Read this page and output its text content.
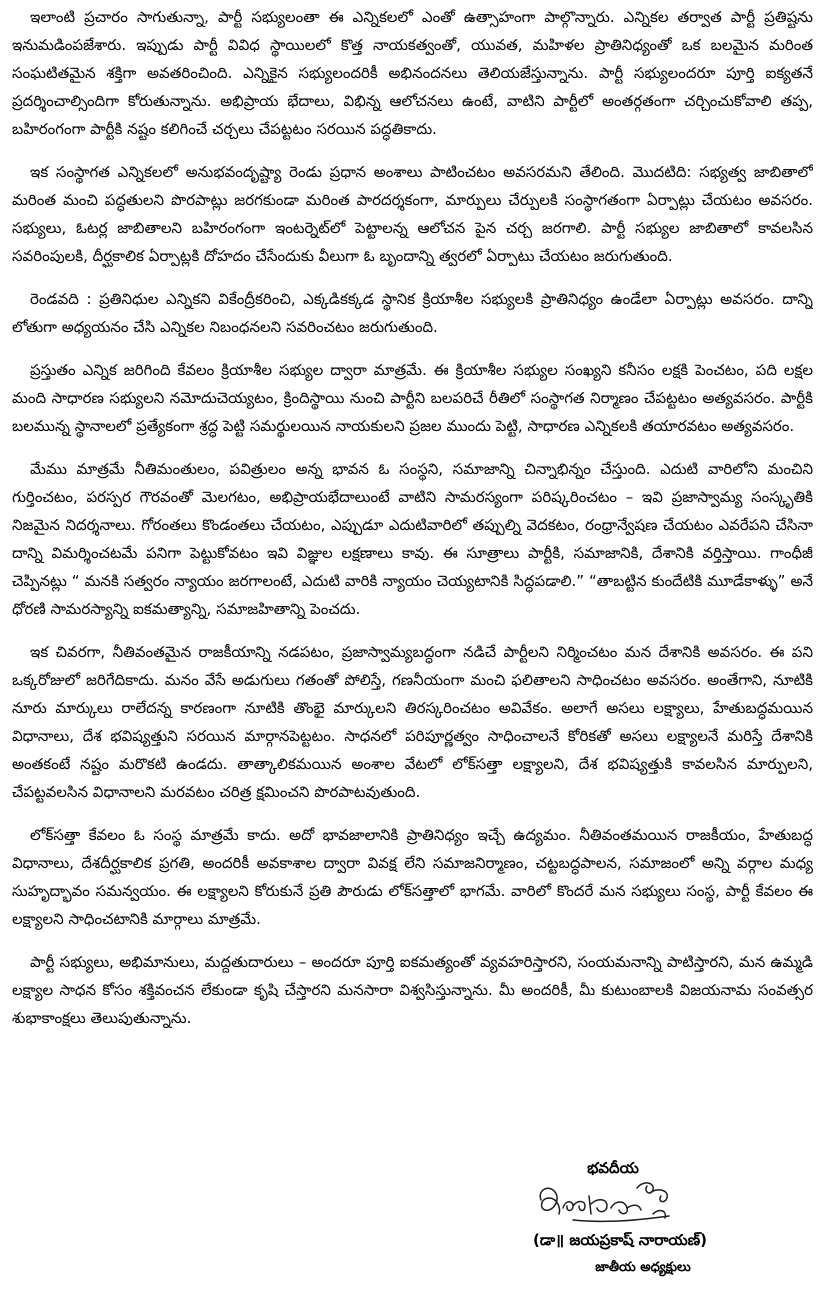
ఇలాంటి ప్రచారం సాగుతున్నా, పార్టీ సభ్యులంతా ఈ ఎన్నికలలో ఎంతో ఉత్సాహంగా పాల్గొన్నారు. ఎన్నికల తర్వాత పార్టీ ప్రతిష్టను ఇనుమడింపజేశారు. ఇప్పుడు పార్టీ వివిధ స్థాయిలలో కొత్త నాయకత్వంతో, యువత, మహిళల ప్రాతినిధ్యంతో ఒక బలమైన మరింత సంఘటితమైన శక్తిగా అవతరించింది. ఎన్నికైన సభ్యులందరికీ అభినందనలు తెలియజేస్తున్నాను. పార్టీ సభ్యులందరూ పూర్తి ఐక్యతనే ప్రదర్శించాల్సిందిగా కోరుతున్నాను. అభిప్రాయ భేదాలు, విభిన్న ఆలోచనలు ఉంటే, వాటిని పార్టీలో అంతర్గతంగా చర్చించుకోవాలి తప్ప, బహిరంగంగా పార్టీకి నష్టం కలిగించే చర్చలు చేపట్టటం సరయిన పద్ధతికాదు.

ఇక సంస్థాగత ఎన్నికలలో అనుభవందృష్ట్యా రెండు ప్రధాన అంశాలు పాటించటం అవసరమని తేలింది. మొదటిది: సభ్యత్వ జాబితాలో మరింత మంచి పద్ధతులని పొరపాట్లు జరగకుండా మరింత పారదర్శకంగా, మార్పులు చేర్పులకి సంస్థాగతంగా ఏర్పాట్లు చేయటం అవసరం. సభ్యులు, ఓటర్ల జాబితాలని బహిరంగంగా ఇంటర్నెట్‌లో పెట్టాలన్న ఆలోచన పైన చర్చ జరగాలి. పార్టీ సభ్యుల జాబితాలో కావలసిన సవరింపులకి, దీర్ఘకాలిక ఏర్పాట్లకి దోహదం చేసేందుకు వీలుగా ఓ బృందాన్ని త్వరలో ఏర్పాటు చేయటం జరుగుతుంది.

రెండవది : ప్రతినిధుల ఎన్నికని వికేంద్రీకరించి, ఎక్కడికక్కడ స్థానిక క్రియాశీల సభ్యులకి ప్రాతినిధ్యం ఉండేలా ఏర్పాట్లు అవసరం. దాన్ని లోతుగా అధ్యయనం చేసి ఎన్నికల నిబంధనలని సవరించటం జరుగుతుంది.

ప్రస్తుతం ఎన్నిక జరిగింది కేవలం క్రియాశీల సభ్యుల ద్వారా మాత్రమే. ఈ క్రియాశీల సభ్యుల సంఖ్యని కనీసం లక్షకి పెంచటం, పది లక్షల మంది సాధారణ సభ్యులని నమోదుచెయ్యటం, క్రిందిస్థాయి నుంచి పార్టీని బలపరిచే రీతిలో సంస్థాగత నిర్మాణం చేపట్టటం అత్యవసరం. పార్టీకి బలమున్న స్థానాలలో ప్రత్యేకంగా శ్రద్ధ పెట్టి సమర్థులయిన నాయకులని ప్రజల ముందు పెట్టి, సాధారణ ఎన్నికలకి తయారవటం అత్యవసరం.

మేము మాత్రమే నీతిమంతులం, పవిత్రులం అన్న భావన ఓ సంస్థని, సమాజాన్ని చిన్నాభిన్నం చేస్తుంది. ఎదుటి వారిలోని మంచిని గుర్తించటం, పరస్పర గౌరవంతో మెలగటం, అభిప్రాయభేదాలుంటే వాటిని సామరస్యంగా పరిష్కరించటం – ఇవి ప్రజాస్వామ్య సంస్కృతికి నిజమైన నిదర్శనాలు. గోరంతలు కొండంతలు చేయటం, ఎప్పుడూ ఎదుటివారిలో తప్పుల్ని వెదకటం, రంధ్రాన్వేషణ చేయటం ఎవరేపని చేసినా దాన్ని విమర్శించటమే పనిగా పెట్టుకోవటం ఇవి విజ్ఞుల లక్షణాలు కావు. ఈ సూత్రాలు పార్టీకి, సమాజానికి, దేశానికి వర్తిస్తాయి. గాంధీజీ చెప్పినట్లు “ మనకి సత్వరం న్యాయం జరగాలంటే, ఎదుటి వారికి న్యాయం చెయ్యటానికి సిద్ధపడాలి.” “తాబట్టిన కుందేటికి మూడేకాళ్ళు” అనే ధోరణి సామరస్యాన్ని ఐకమత్యాన్ని, సమాజహితాన్ని పెంచదు.

ఇక చివరగా, నీతివంతమైన రాజకీయాన్ని నడపటం, ప్రజాస్వామ్యబద్ధంగా నడిచే పార్టీలని నిర్మించటం మన దేశానికి అవసరం. ఈ పని ఒక్కరోజులో జరిగేదికాదు. మనం వేసే అడుగులు గతంతో పోలిస్తే, గణనీయంగా మంచి ఫలితాలని సాధించటం అవసరం. అంతేగాని, నూటికి నూరు మార్కులు రాలేదన్న కారణంగా నూటికి తొంభై మార్కులని తిరస్కరించటం అవివేకం. అలాగే అసలు లక్ష్యాలు, హేతుబద్ధమయిన విధానాలు, దేశ భవిష్యత్తుని సరయిన మార్గానపెట్టటం. సాధనలో పరిపూర్ణత్వం సాధించాలనే కోరికతో అసలు లక్ష్యాలనే మరిస్తే దేశానికి అంతకంటే నష్టం మరొకటి ఉండదు. తాత్కాలికమయిన అంశాల వేటలో లోక్‌సత్తా లక్ష్యాలని, దేశ భవిష్యత్తుకి కావలసిన మార్పులని, చేపట్టవలసిన విధానాలని మరవటం చరిత్ర క్షమించని పొరపాటవుతుంది.

లోక్‌సత్తా కేవలం ఓ సంస్థ మాత్రమే కాదు. అదో భావజాలానికి ప్రాతినిధ్యం ఇచ్చే ఉద్యమం. నీతివంతమయిన రాజకీయం, హేతుబద్ధ విధానాలు, దేశదీర్ఘకాలిక ప్రగతి, అందరికీ అవకాశాల ద్వారా వివక్ష లేని సమాజనిర్మాణం, చట్టబద్ధపాలన, సమాజంలో అన్ని వర్గాల మధ్య సుహృద్భావం సమన్వయం. ఈ లక్ష్యాలని కోరుకునే ప్రతి పౌరుడు లోక్‌సత్తాలో భాగమే. వారిలో కొందరే మన సభ్యులు సంస్థ, పార్టీ కేవలం ఈ లక్ష్యాలని సాధించటానికి మార్గాలు మాత్రమే.

పార్టీ సభ్యులు, అభిమానులు, మద్దతుదారులు – అందరూ పూర్తి ఐకమత్యంతో వ్యవహరిస్తారని, సంయమనాన్ని పాటిస్తారని, మన ఉమ్మడి లక్ష్యాల సాధన కోసం శక్తివంచన లేకుండా కృషి చేస్తారని మనసారా విశ్వసిస్తున్నాను. మీ అందరికీ, మీ కుటుంబాలకి విజయనామ సంవత్సర శుభాకాంక్షలు తెలుపుతున్నాను.

భవదీయ
(డా॥ జయప్రకాష్ నారాయణ్)
జాతీయ అధ్యక్షులు
